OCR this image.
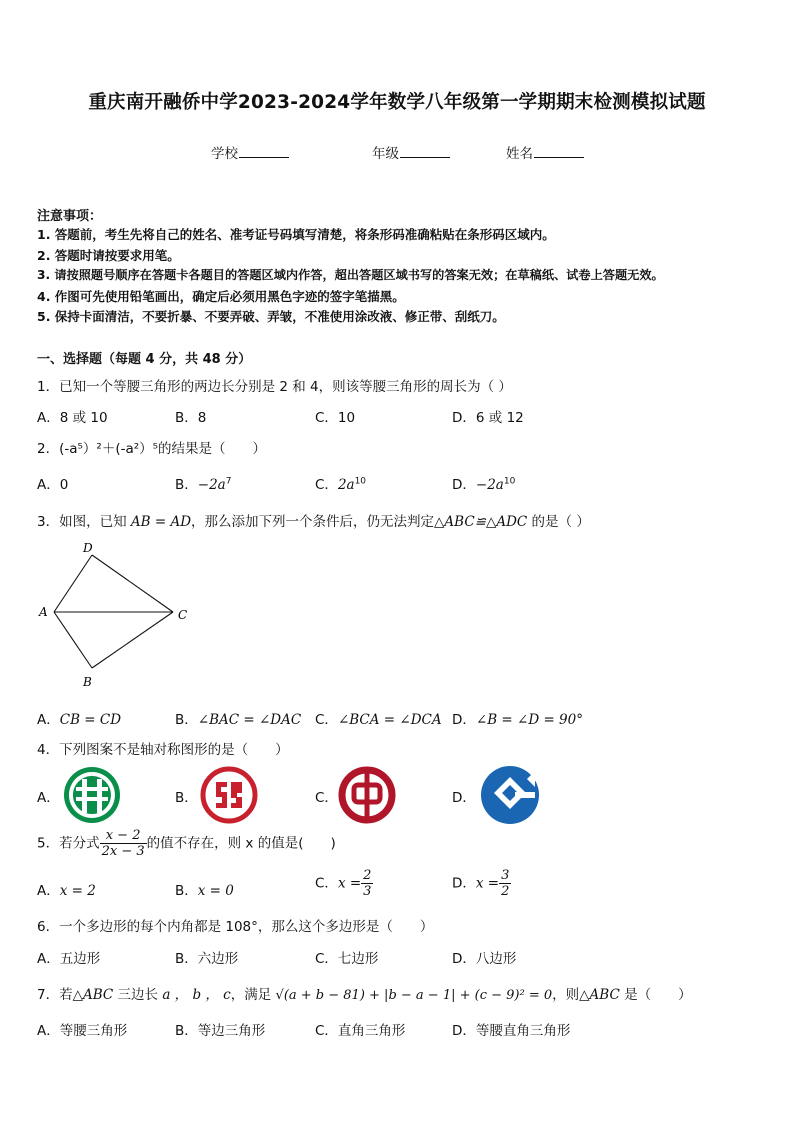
重庆南开融侨中学2023-2024学年数学八年级第一学期期末检测模拟试题
学校	年级	姓名
注意事项：
1. 答题前，考生先将自己的姓名、准考证号码填写清楚，将条形码准确粘贴在条形码区域内。
2. 答题时请按要求用笔。
3. 请按照题号顺序在答题卡各题目的答题区域内作答，超出答题区域书写的答案无效；在草稿纸、试卷上答题无效。
4. 作图可先使用铅笔画出，确定后必须用黑色字迹的签字笔描黑。
5. 保持卡面清洁，不要折暴、不要弄破、弄皱，不准使用涂改液、修正带、刮纸刀。
一、选择题（每题 4 分，共 48 分）
1．已知一个等腰三角形的两边长分别是 2 和 4，则该等腰三角形的周长为（ ）
A．8 或 10	B．8	C．10	D．6 或 12
2．(-a⁵）²＋(-a²）⁵的结果是（　　）
A．0	B．$-2a^7$	C．$2a^{10}$	D．$-2a^{10}$
3．如图，已知 AB = AD，那么添加下列一个条件后，仍无法判定△ABC≌△ADC 的是（ ）
D
A	C
B
A．CB = CD	B．∠BAC = ∠DAC C．∠BCA = ∠DCA D．∠B = ∠D = 90°
4．下列图案不是轴对称图形的是（　　）
A．	B．	C．	D．
5．若分式 $\frac{x - 2}{2x - 3}$ 的值不存在，则 x 的值是(　　)
A．x = 2	B．x = 0	C．$x = \frac{2}{3}$	D．$x = \frac{3}{2}$
6．一个多边形的每个内角都是 108°，那么这个多边形是（　　）
A．五边形	B．六边形	C．七边形	D．八边形
7．若△ABC 三边长 a ， b ， c，满足 √(a + b − 81) + |b − a − 1| + (c − 9)² = 0，则△ABC 是（　　）
A．等腰三角形	B．等边三角形	C．直角三角形	D．等腰直角三角形
